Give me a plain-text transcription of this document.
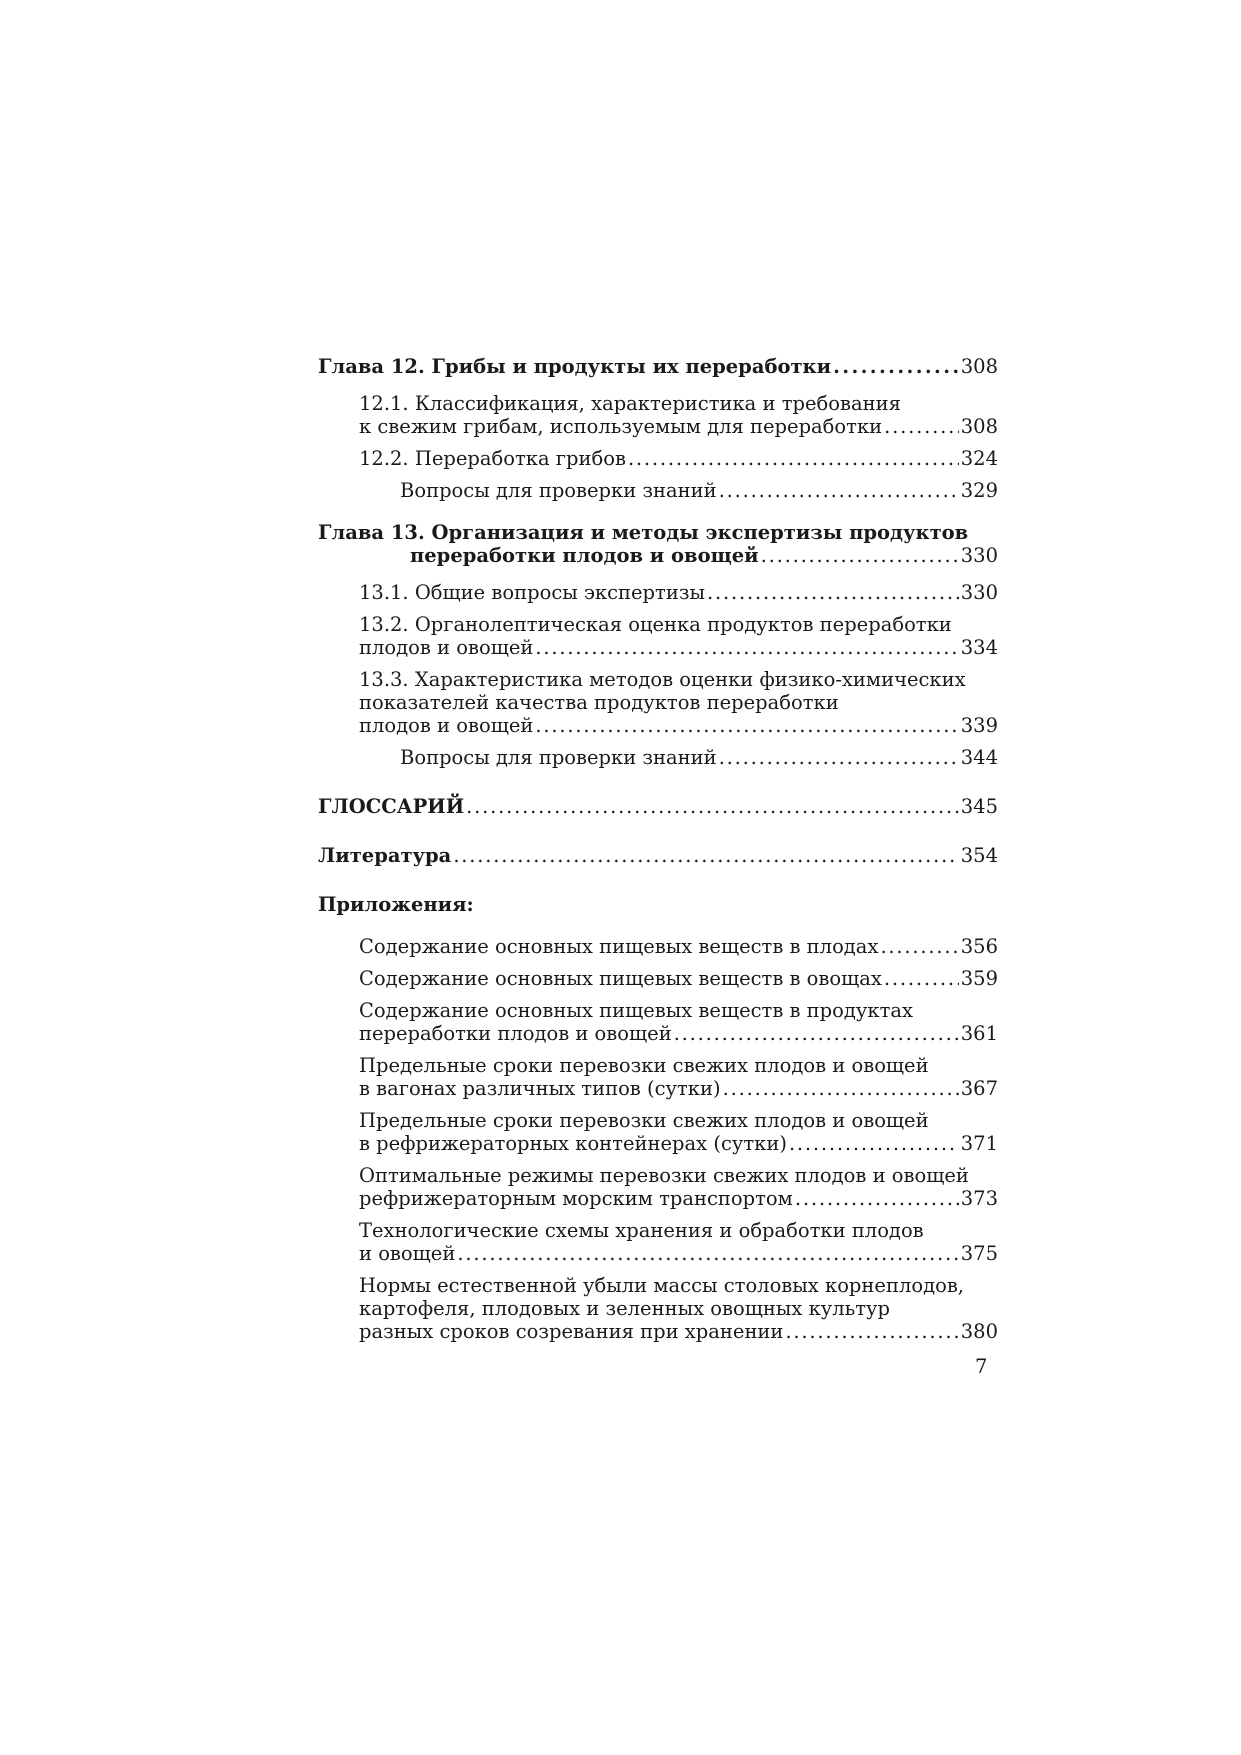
Глава 12. Грибы и продукты их переработки . . .	308
12.1. Классификация, характеристика и требования
к свежим грибам, используемым для переработки . . .	308
12.2. Переработка грибов . . .	324
Вопросы для проверки знаний . . .	329
Глава 13. Организация и методы экспертизы продуктов
переработки плодов и овощей . . .	330
13.1. Общие вопросы экспертизы . . .	330
13.2. Органолептическая оценка продуктов переработки
плодов и овощей . . .	334
13.3. Характеристика методов оценки физико-химических
показателей качества продуктов переработки
плодов и овощей . . .	339
Вопросы для проверки знаний . . .	344
ГЛОССАРИЙ . . .	345
Литература . . .	354
Приложения:
Содержание основных пищевых веществ в плодах . . .	356
Содержание основных пищевых веществ в овощах . . .	359
Содержание основных пищевых веществ в продуктах
переработки плодов и овощей . . .	361
Предельные сроки перевозки свежих плодов и овощей
в вагонах различных типов (сутки) . . .	367
Предельные сроки перевозки свежих плодов и овощей
в рефрижераторных контейнерах (сутки) . . .	371
Оптимальные режимы перевозки свежих плодов и овощей
рефрижераторным морским транспортом . . .	373
Технологические схемы хранения и обработки плодов
и овощей . . .	375
Нормы естественной убыли массы столовых корнеплодов,
картофеля, плодовых и зеленных овощных культур
разных сроков созревания при хранении . . .	380
7
